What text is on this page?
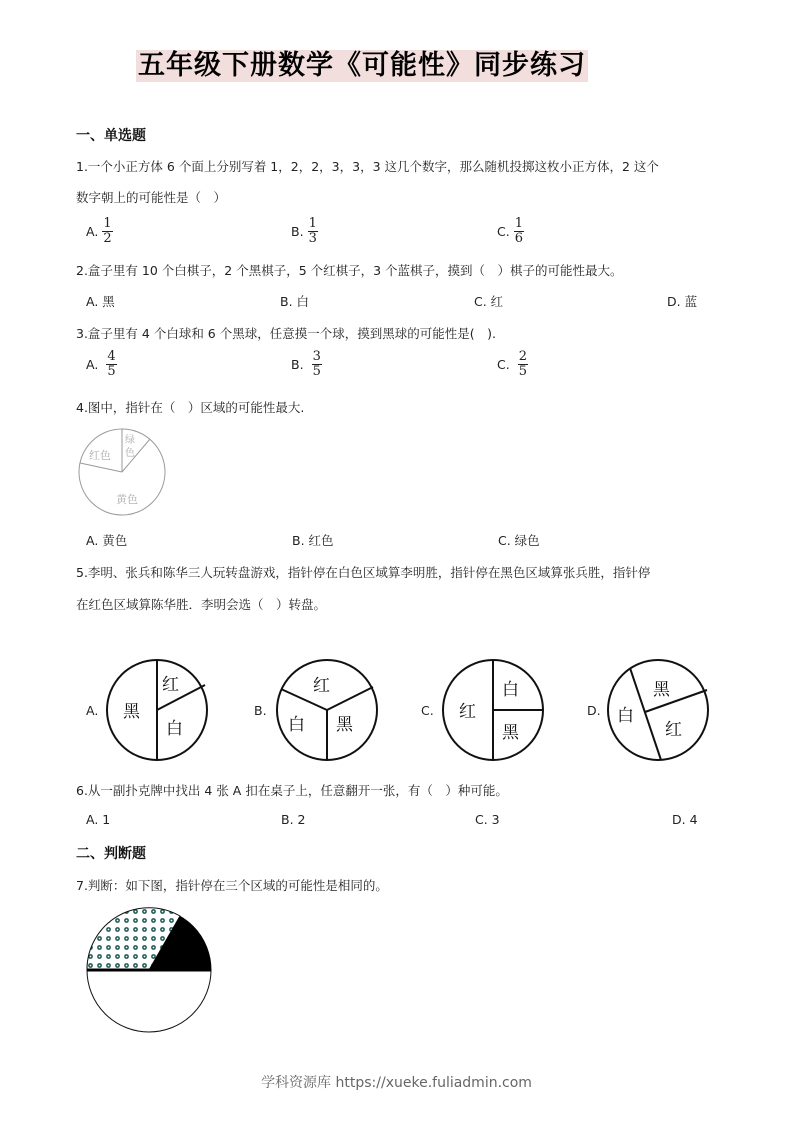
五年级下册数学《可能性》同步练习
一、单选题
1.一个小正方体 6 个面上分别写着 1，2，2，3，3，3 这几个数字，那么随机投掷这枚小正方体，2 这个
数字朝上的可能性是（　）
A. $\frac{1}{2}$	B. $\frac{1}{3}$	C. $\frac{1}{6}$
2.盒子里有 10 个白棋子，2 个黑棋子，5 个红棋子，3 个蓝棋子，摸到（　）棋子的可能性最大。
A. 黑	B. 白	C. 红	D. 蓝
3.盒子里有 4 个白球和 6 个黑球，任意摸一个球，摸到黑球的可能性是(　).
A. $\frac{4}{5}$	B. $\frac{3}{5}$	C. $\frac{2}{5}$
4.图中，指针在（　）区域的可能性最大.
绿
色
红色
黄色
A. 黄色	B. 红色	C. 绿色
5.李明、张兵和陈华三人玩转盘游戏，指针停在白色区域算李明胜，指针停在黑色区域算张兵胜，指针停
在红色区域算陈华胜．李明会选（　）转盘。
A. 黑
红
白
B.
红
白 黑
C. 红
白
黑
D. 白
黑
红
6.从一副扑克牌中找出 4 张 A 扣在桌子上，任意翻开一张，有（　）种可能。
A. 1	B. 2	C. 3	D. 4
二、判断题
7.判断：如下图，指针停在三个区域的可能性是相同的。
学科资源库 https://xueke.fuliadmin.com
